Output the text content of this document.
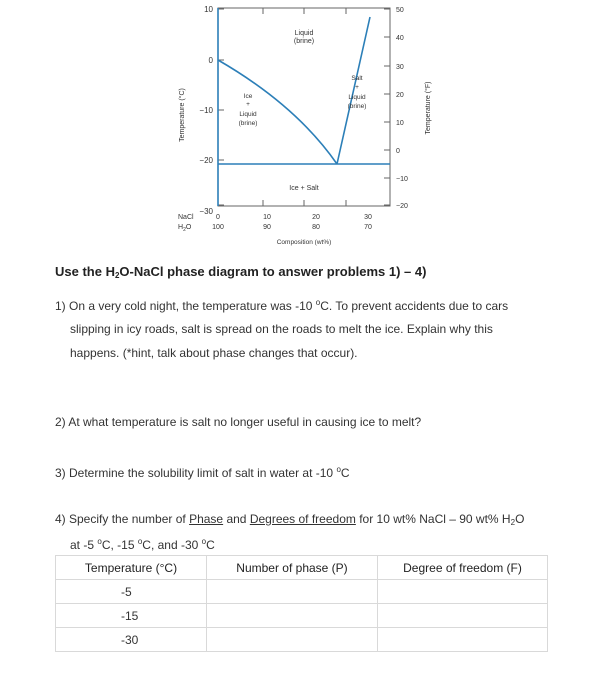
10
0
−10
−20
−30
Temperature (°C)
50
40
30
20
10
0
−10
−20
Temperature (°F)
Liquid
(brine)
Ice
+
Liquid
(brine)
Salt
+
Liquid
(brine)
Ice + Salt
NaCl
$H_2O$
0	10	20	30
100	90	80	70
Composition (wt%)
Use the $H_2O$-NaCl phase diagram to answer problems 1) – 4)
1) On a very cold night, the temperature was -10 $^o$C. To prevent accidents due to cars
slipping in icy roads, salt is spread on the roads to melt the ice. Explain why this
happens. (*hint, talk about phase changes that occur).
2) At what temperature is salt no longer useful in causing ice to melt?
3) Determine the solubility limit of salt in water at -10 $^o$C
4) Specify the number of Phase and Degrees of freedom for 10 wt% NaCl – 90 wt% $H_2O$
at -5 $^o$C, -15 $^o$C, and -30 $^o$C
Temperature (°C)	Number of phase (P)	Degree of freedom (F)
-5		
-15		
-30		
